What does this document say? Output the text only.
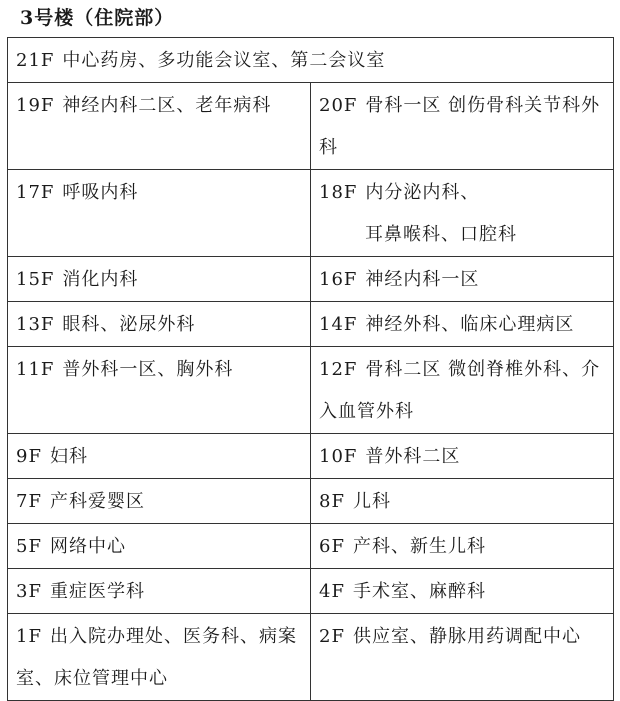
3号楼（住院部）
21F 中心药房、多功能会议室、第二会议室	
19F 神经内科二区、老年病科	20F 骨科一区 创伤骨科关节科外科
17F 呼吸内科	18F 内分泌内科、
耳鼻喉科、口腔科

15F 消化内科	16F 神经内科一区
13F 眼科、泌尿外科	14F 神经外科、临床心理病区
11F 普外科一区、胸外科	12F 骨科二区 微创脊椎外科、介入血管外科
9F 妇科	10F 普外科二区
7F 产科爱婴区	8F 儿科
5F 网络中心	6F 产科、新生儿科
3F 重症医学科	4F 手术室、麻醉科
1F 出入院办理处、医务科、病案室、床位管理中心	2F 供应室、静脉用药调配中心
